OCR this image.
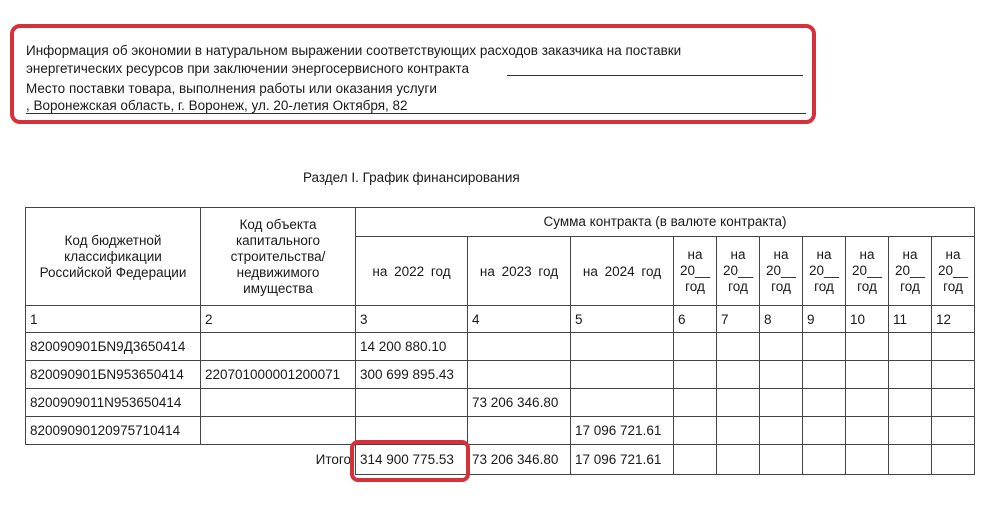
Информация об экономии в натуральном выражении соответствующих расходов заказчика на поставки
энергетических ресурсов при заключении энергосервисного контракта
Место поставки товара, выполнения работы или оказания услуги
, Воронежская область, г. Воронеж, ул. 20-летия Октября, 82
Раздел I. График финансирования
Код бюджетной классификации Российской Федерации	Код объекта капитального строительства/ недвижимого имущества	Сумма контракта (в валюте контракта)									
		на 2022 год	на 2023 год	на 2024 год	на 20__ год	на 20__ год	на 20__ год	на 20__ год	на 20__ год	на 20__ год	на 20__ год
1	2	3	4	5	6	7	8	9	10	11	12
820090901БN9Д3650414		14 200 880.10									
820090901БN953650414	220701000001200071	300 699 895.43									
8200909011N953650414			73 206 346.80								
82009090120975710414				17 096 721.61							
	Итого	314 900 775.53	73 206 346.80	17 096 721.61							
